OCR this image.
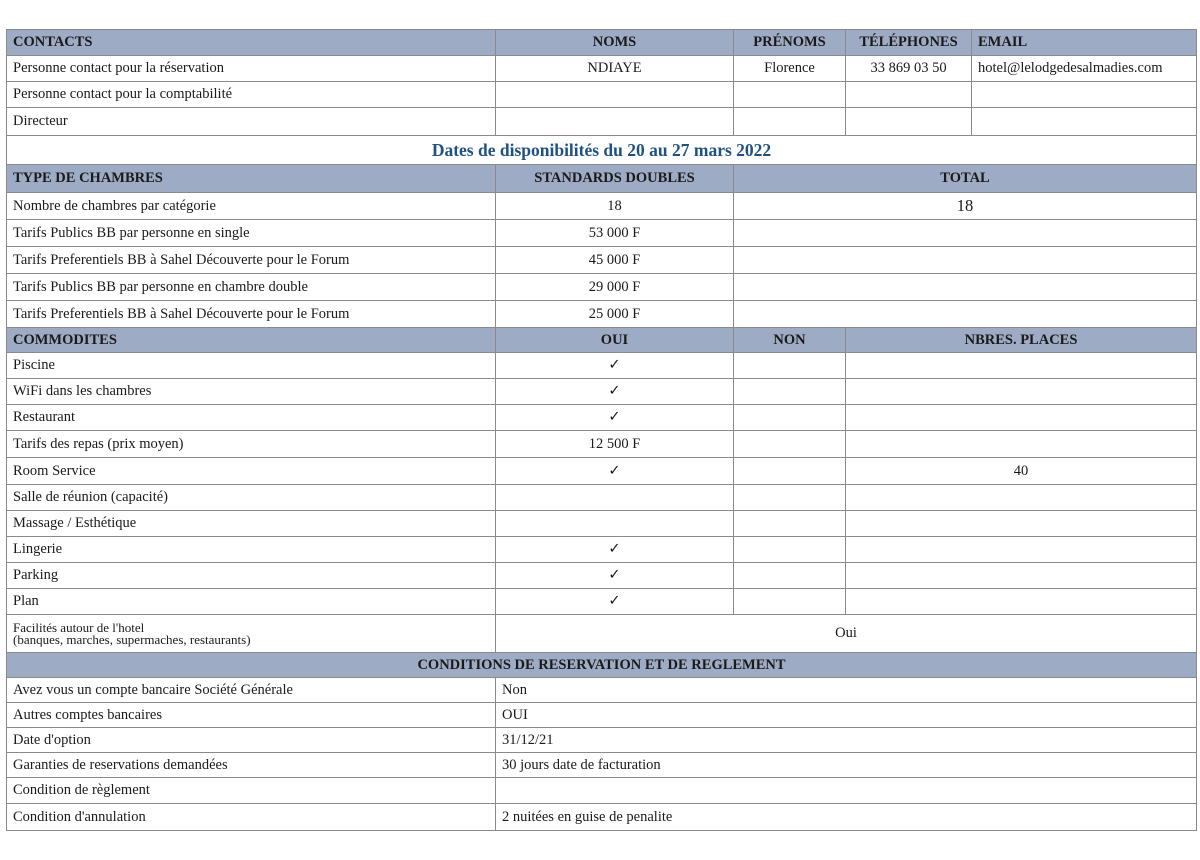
CONTACTS	NOMS	PRÉNOMS	TÉLÉPHONES	EMAIL
Personne contact pour la réservation	NDIAYE	Florence	33 869 03 50	hotel@lelodgedesalmadies.com
Personne contact pour la comptabilité				
Directeur				
Dates de disponibilités du 20 au 27 mars 2022				
TYPE DE CHAMBRES	STANDARDS DOUBLES	TOTAL		
Nombre de chambres par catégorie	18	18		
Tarifs Publics BB par personne en single	53 000 F			
Tarifs Preferentiels BB à Sahel Découverte pour le Forum	45 000 F			
Tarifs Publics BB par personne en chambre double	29 000 F			
Tarifs Preferentiels BB à Sahel Découverte pour le Forum	25 000 F			
COMMODITES	OUI	NON	NBRES. PLACES	
Piscine	✓			
WiFi dans les chambres	✓			
Restaurant	✓			
Tarifs des repas (prix moyen)	12 500 F			
Room Service	✓		40	
Salle de réunion (capacité)				
Massage / Esthétique				
Lingerie	✓			
Parking	✓			
Plan	✓			

Facilités autour de l'hotel
(banques, marches, supermaches, restaurants)	Oui			
CONDITIONS DE RESERVATION ET DE REGLEMENT				
Avez vous un compte bancaire Société Générale	Non			
Autres comptes bancaires	OUI			
Date d'option	31/12/21			
Garanties de reservations demandées	30 jours date de facturation			
Condition de règlement				
Condition d'annulation	2 nuitées en guise de penalite			
